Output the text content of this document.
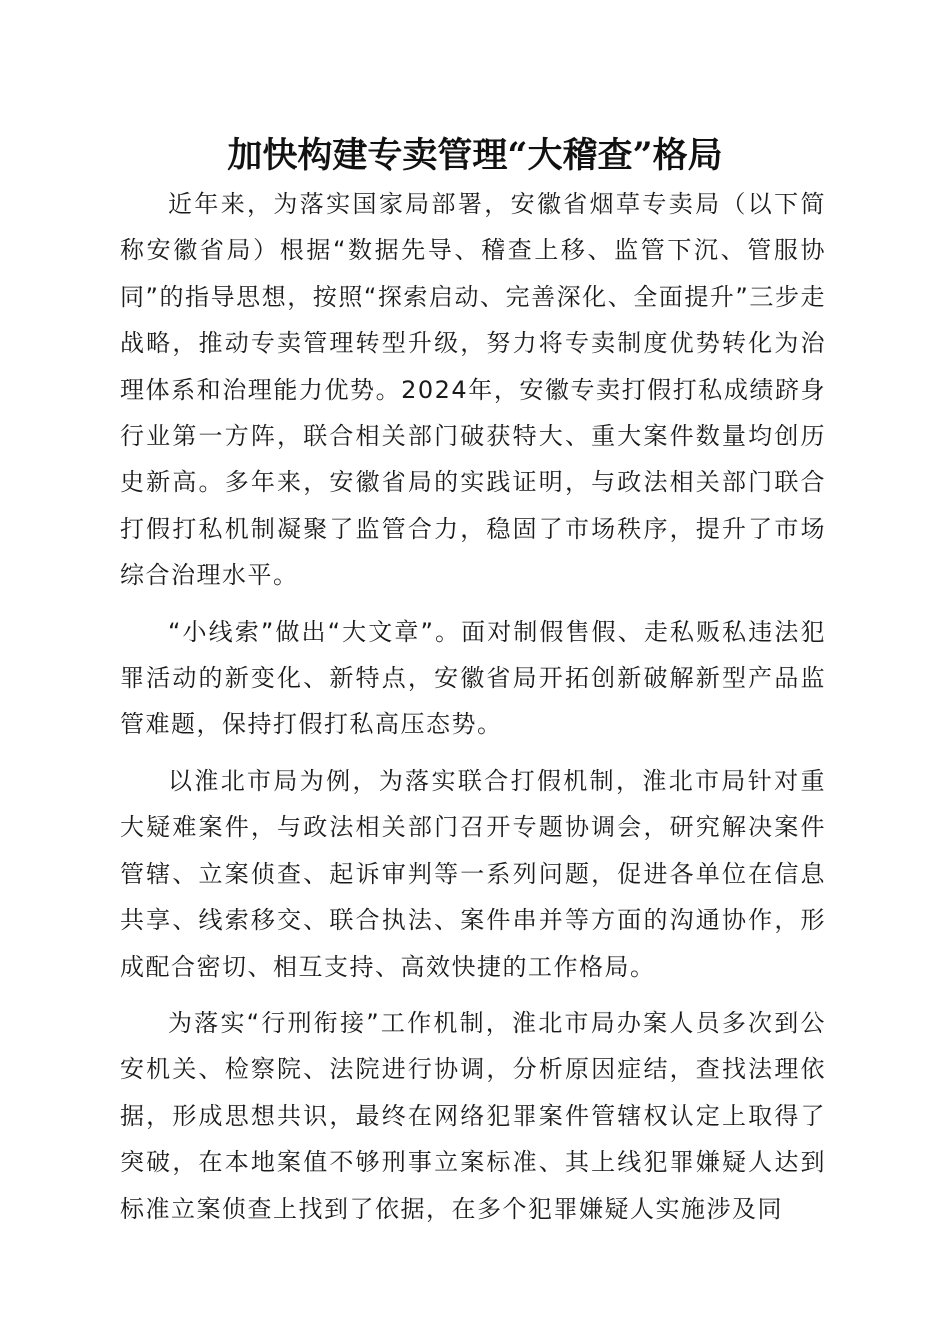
加快构建专卖管理“大稽查”格局

近年来，为落实国家局部署，安徽省烟草专卖局（以下简称安徽省局）根据“数据先导、稽查上移、监管下沉、管服协同”的指导思想，按照“探索启动、完善深化、全面提升”三步走战略，推动专卖管理转型升级，努力将专卖制度优势转化为治理体系和治理能力优势。2024年，安徽专卖打假打私成绩跻身行业第一方阵，联合相关部门破获特大、重大案件数量均创历史新高。多年来，安徽省局的实践证明，与政法相关部门联合打假打私机制凝聚了监管合力，稳固了市场秩序，提升了市场综合治理水平。

“小线索”做出“大文章”。面对制假售假、走私贩私违法犯罪活动的新变化、新特点，安徽省局开拓创新破解新型产品监管难题，保持打假打私高压态势。

以淮北市局为例，为落实联合打假机制，淮北市局针对重大疑难案件，与政法相关部门召开专题协调会，研究解决案件管辖、立案侦查、起诉审判等一系列问题，促进各单位在信息共享、线索移交、联合执法、案件串并等方面的沟通协作，形成配合密切、相互支持、高效快捷的工作格局。

为落实“行刑衔接”工作机制，淮北市局办案人员多次到公安机关、检察院、法院进行协调，分析原因症结，查找法理依据，形成思想共识，最终在网络犯罪案件管辖权认定上取得了突破，在本地案值不够刑事立案标准、其上线犯罪嫌疑人达到标准立案侦查上找到了依据，在多个犯罪嫌疑人实施涉及同
